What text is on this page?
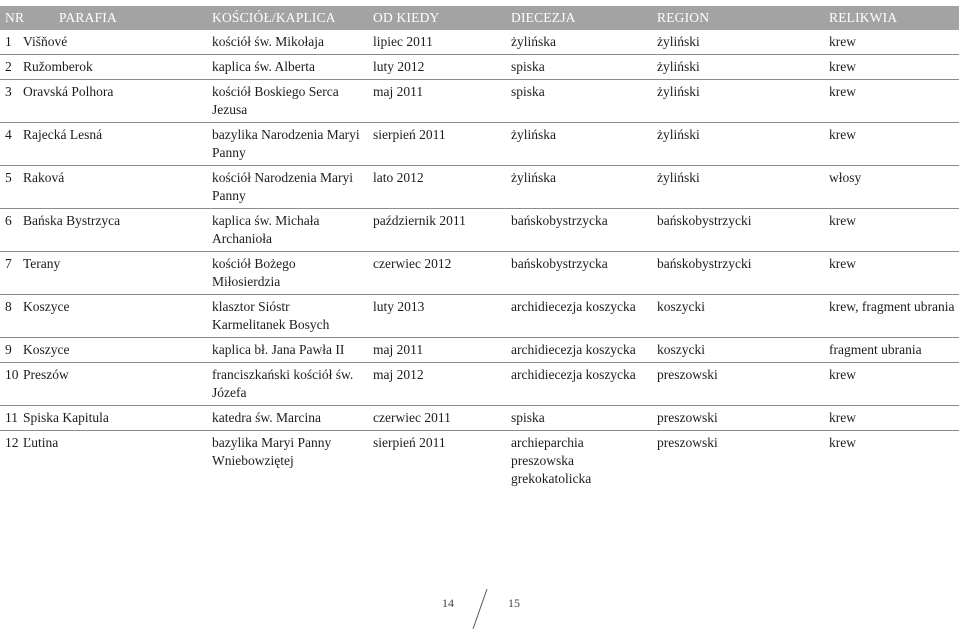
NR PARAFIA	KOŚCIÓŁ/KAPLICA	OD KIEDY	DIECEZJA	REGION	RELIKWIA
1 Višňové	kościół św. Mikołaja	lipiec 2011	żylińska	żyliński	krew
2 Ružomberok	kaplica św. Alberta	luty 2012	spiska	żyliński	krew
3 Oravská Polhora	kościół Boskiego Serca Jezusa	maj 2011	spiska	żyliński	krew
4 Rajecká Lesná	bazylika Narodzenia Maryi Panny	sierpień 2011	żylińska	żyliński	krew
5 Raková	kościół Narodzenia Maryi Panny	lato 2012	żylińska	żyliński	włosy
6 Bańska Bystrzyca	kaplica św. Michała Archanioła	październik 2011	bańskobystrzycka	bańskobystrzycki	krew
7 Terany	kościół Bożego Miłosierdzia	czerwiec 2012	bańskobystrzycka	bańskobystrzycki	krew
8 Koszyce	klasztor Sióstr Karmelitanek Bosych	luty 2013	archidiecezja koszycka	koszycki	krew, fragment ubrania
9 Koszyce	kaplica bł. Jana Pawła II	maj 2011	archidiecezja koszycka	koszycki	fragment ubrania
10 Preszów	franciszkański kościół św. Józefa	maj 2012	archidiecezja koszycka	preszowski	krew
11 Spiska Kapitula	katedra św. Marcina	czerwiec 2011	spiska	preszowski	krew
12 Ľutina	bazylika Maryi Panny Wniebowziętej	sierpień 2011	archieparchia preszowska grekokatolicka	preszowski	krew
14	15
